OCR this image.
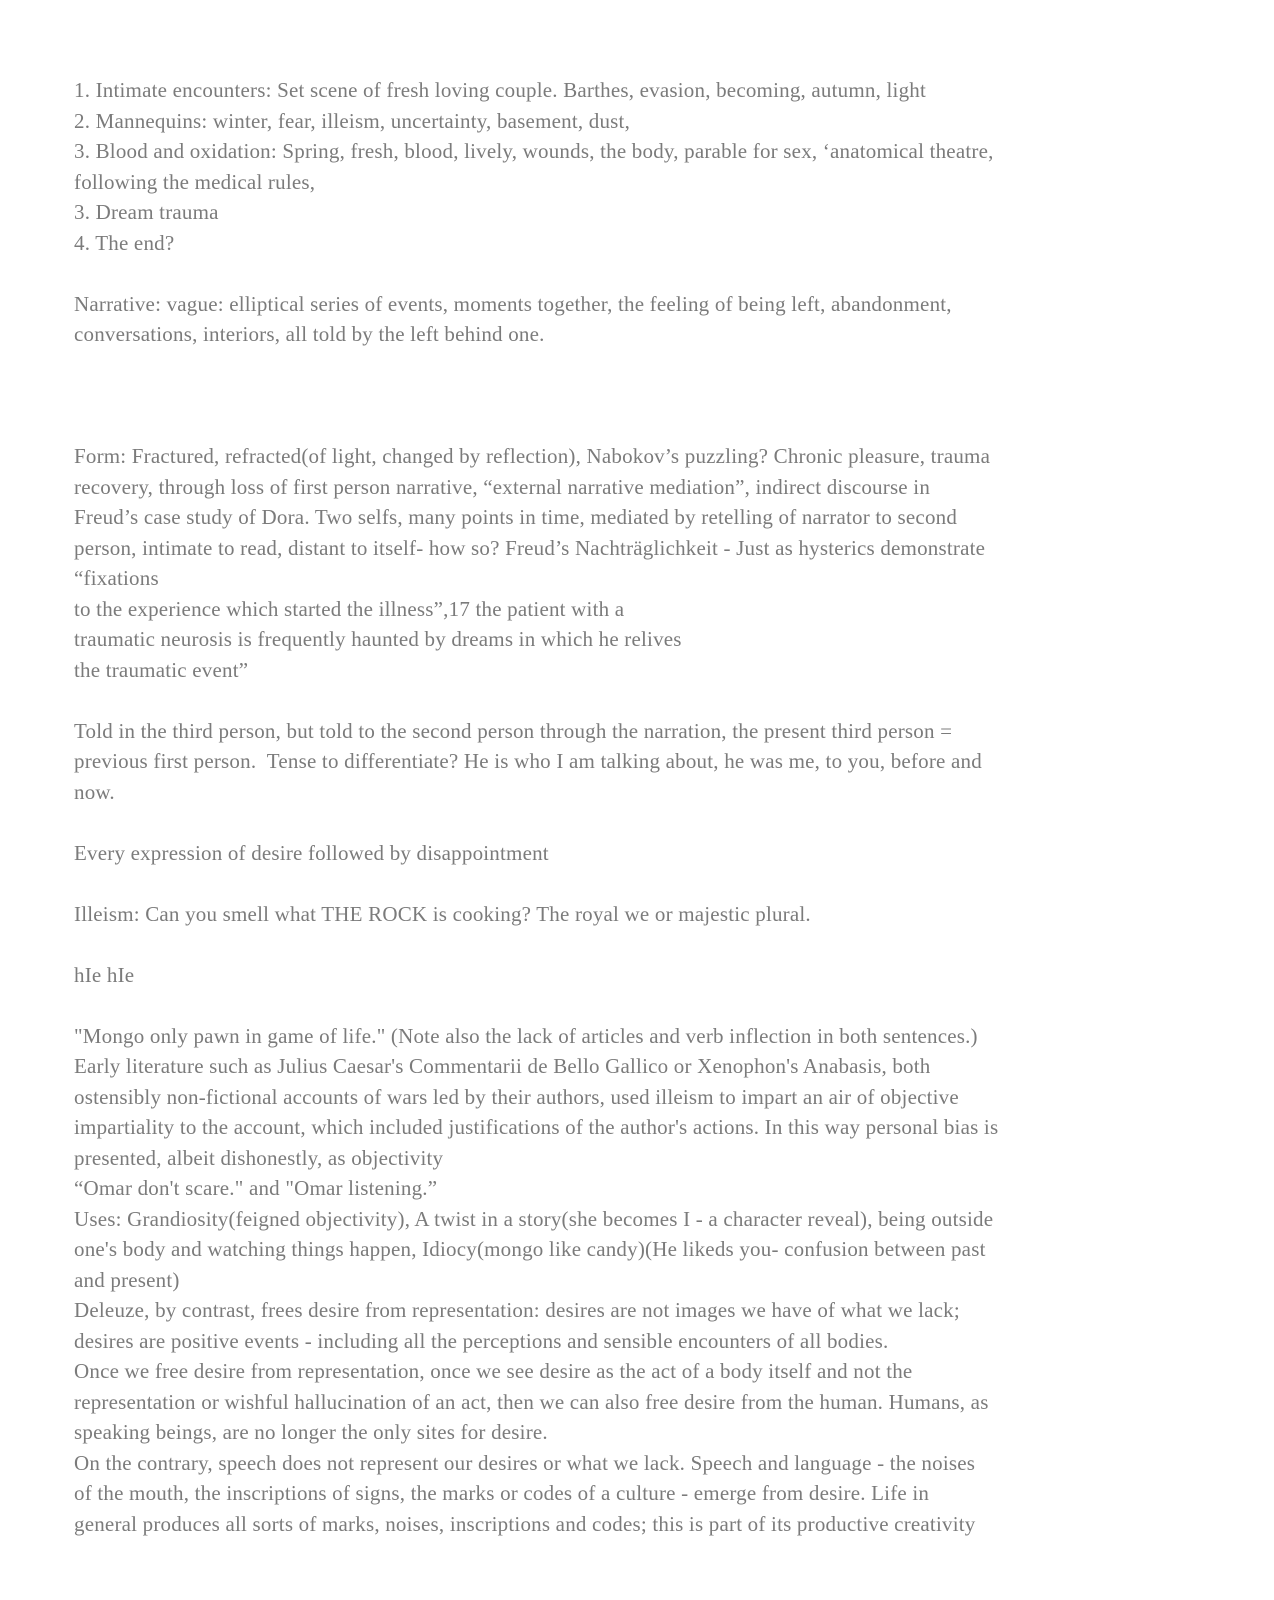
1. Intimate encounters: Set scene of fresh loving couple. Barthes, evasion, becoming, autumn, light
2. Mannequins: winter, fear, illeism, uncertainty, basement, dust,
3. Blood and oxidation: Spring, fresh, blood, lively, wounds, the body, parable for sex, ‘anatomical theatre,
following the medical rules,
3. Dream trauma
4. The end?
Narrative: vague: elliptical series of events, moments together, the feeling of being left, abandonment,
conversations, interiors, all told by the left behind one.
Form: Fractured, refracted(of light, changed by reflection), Nabokov’s puzzling? Chronic pleasure, trauma
recovery, through loss of first person narrative, “external narrative mediation”, indirect discourse in
Freud’s case study of Dora. Two selfs, many points in time, mediated by retelling of narrator to second
person, intimate to read, distant to itself- how so? Freud’s Nachträglichkeit - Just as hysterics demonstrate
“fixations
to the experience which started the illness”,17 the patient with a
traumatic neurosis is frequently haunted by dreams in which he relives
the traumatic event”
Told in the third person, but told to the second person through the narration, the present third person =
previous first person.  Tense to differentiate? He is who I am talking about, he was me, to you, before and
now.
Every expression of desire followed by disappointment
Illeism: Can you smell what THE ROCK is cooking? The royal we or majestic plural.
hIe hIe
"Mongo only pawn in game of life." (Note also the lack of articles and verb inflection in both sentences.)
Early literature such as Julius Caesar's Commentarii de Bello Gallico or Xenophon's Anabasis, both
ostensibly non-fictional accounts of wars led by their authors, used illeism to impart an air of objective
impartiality to the account, which included justifications of the author's actions. In this way personal bias is
presented, albeit dishonestly, as objectivity
“Omar don't scare." and "Omar listening.”
Uses: Grandiosity(feigned objectivity), A twist in a story(she becomes I - a character reveal), being outside
one's body and watching things happen, Idiocy(mongo like candy)(He likeds you- confusion between past
and present)
Deleuze, by contrast, frees desire from representation: desires are not images we have of what we lack;
desires are positive events - including all the perceptions and sensible encounters of all bodies.
Once we free desire from representation, once we see desire as the act of a body itself and not the
representation or wishful hallucination of an act, then we can also free desire from the human. Humans, as
speaking beings, are no longer the only sites for desire.
On the contrary, speech does not represent our desires or what we lack. Speech and language - the noises
of the mouth, the inscriptions of signs, the marks or codes of a culture - emerge from desire. Life in
general produces all sorts of marks, noises, inscriptions and codes; this is part of its productive creativity
